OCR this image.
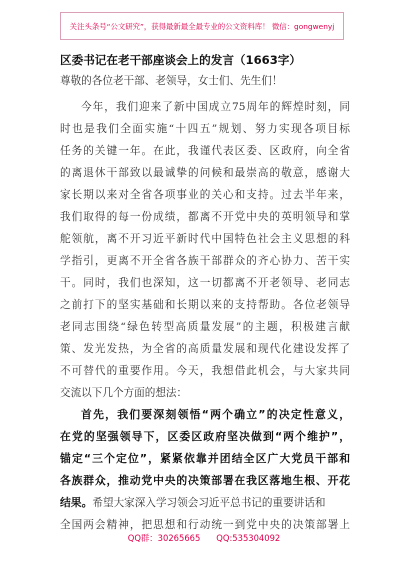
关注头条号“公文研究”，获得最新最全最专业的公文资料库！ 微信：gongwenyj
区委书记在老干部座谈会上的发言（1663字）
尊敬的各位老干部、老领导，女士们、先生们！
今年，我们迎来了新中国成立75周年的辉煌时刻，同
时也是我们全面实施“十四五”规划、努力实现各项目标
任务的关键一年。在此，我谨代表区委、区政府，向全省
的离退休干部致以最诚挚的问候和最崇高的敬意，感谢大
家长期以来对全省各项事业的关心和支持。过去半年来，
我们取得的每一份成绩，都离不开党中央的英明领导和掌
舵领航，离不开习近平新时代中国特色社会主义思想的科
学指引，更离不开全省各族干部群众的齐心协力、苦干实
干。同时，我们也深知，这一切都离不开老领导、老同志
之前打下的坚实基础和长期以来的支持帮助。各位老领导
老同志围绕“绿色转型高质量发展”的主题，积极建言献
策、发光发热，为全省的高质量发展和现代化建设发挥了
不可替代的重要作用。今天，我想借此机会，与大家共同
交流以下几个方面的想法：
首先，我们要深刻领悟“两个确立”的决定性意义，
在党的坚强领导下，区委区政府坚决做到“两个维护”，
锚定“三个定位”，紧紧依靠并团结全区广大党员干部和
各族群众，推动党中央的决策部署在我区落地生根、开花
结果。希望大家深入学习领会习近平总书记的重要讲话和
全国两会精神，把思想和行动统一到党中央的决策部署上
QQ群：30265665      QQ:535304092
